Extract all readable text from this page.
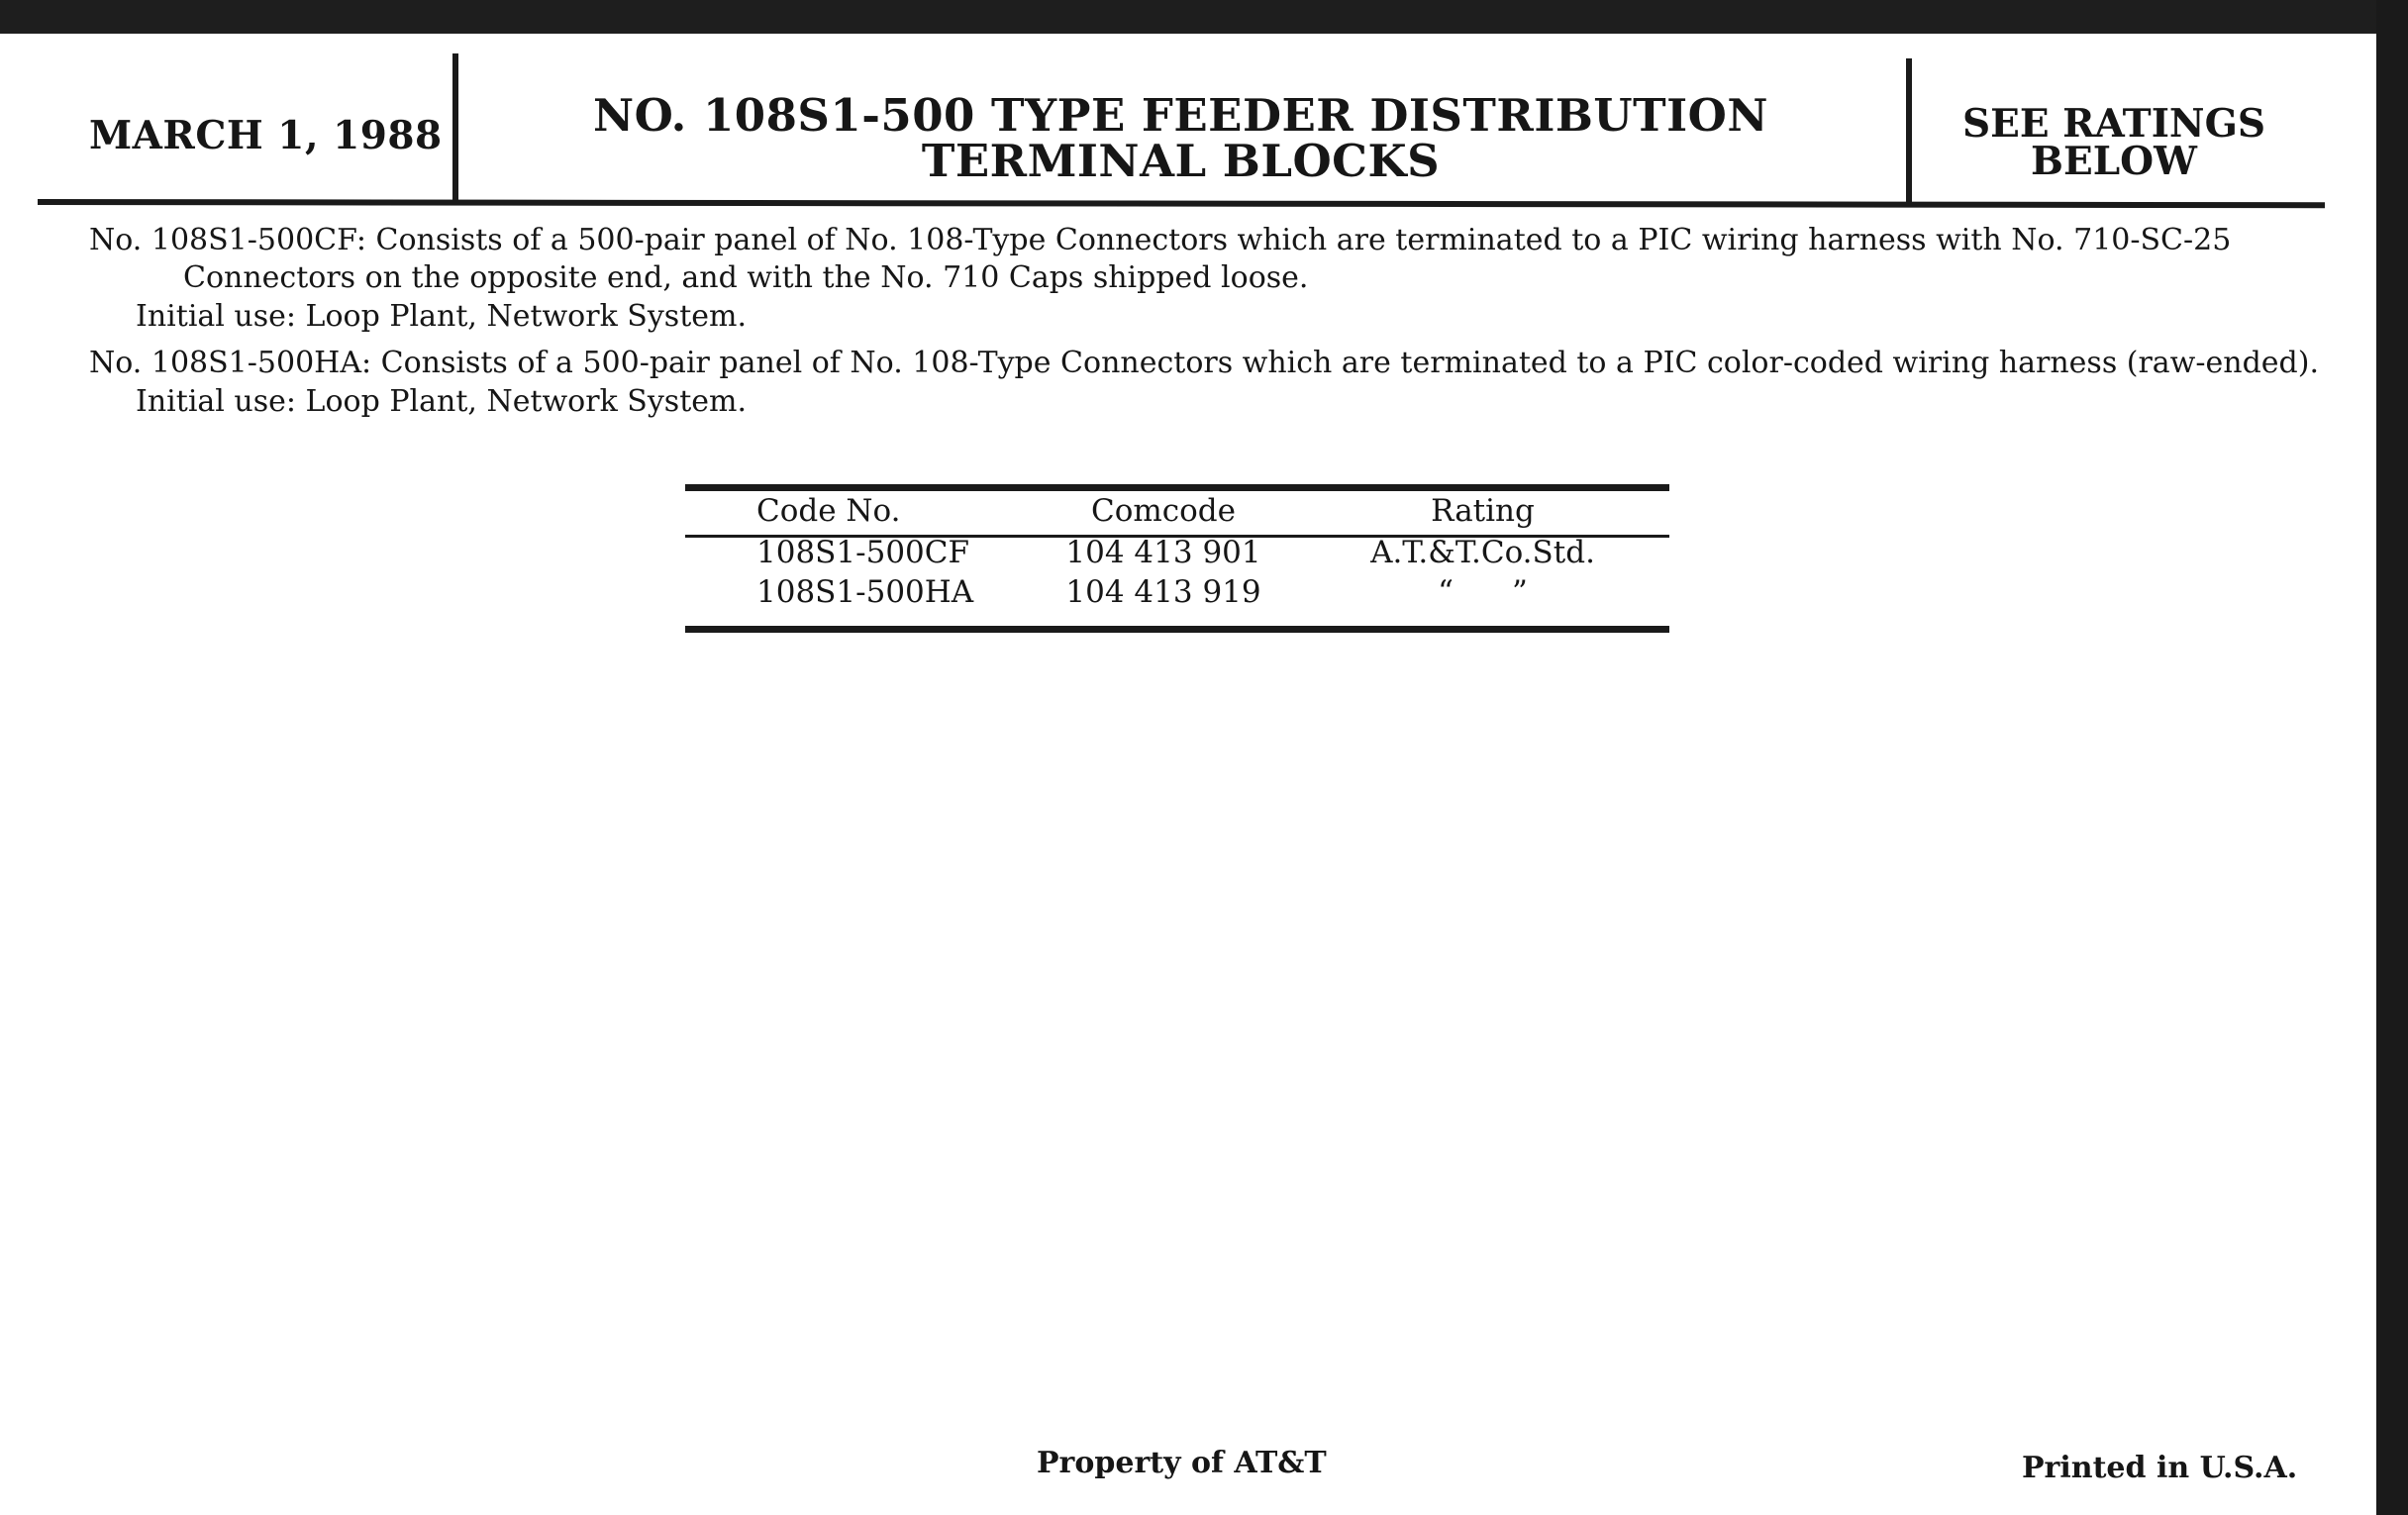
MARCH 1, 1988	NO. 108S1-500 TYPE FEEDER DISTRIBUTION
TERMINAL BLOCKS
SEE RATINGS
BELOW
No. 108S1-500CF: Consists of a 500-pair panel of No. 108-Type Connectors which are terminated to a PIC wiring harness with No. 710-SC-25
Connectors on the opposite end, and with the No. 710 Caps shipped loose.
Initial use: Loop Plant, Network System.
No. 108S1-500HA: Consists of a 500-pair panel of No. 108-Type Connectors which are terminated to a PIC color-coded wiring harness (raw-ended).
Initial use: Loop Plant, Network System.
Code No.	Comcode	Rating
108S1-500CF	104 413 901	A.T.&T.Co.Std.
108S1-500HA	104 413 919	“      ”
Property of AT&T	Printed in U.S.A.
